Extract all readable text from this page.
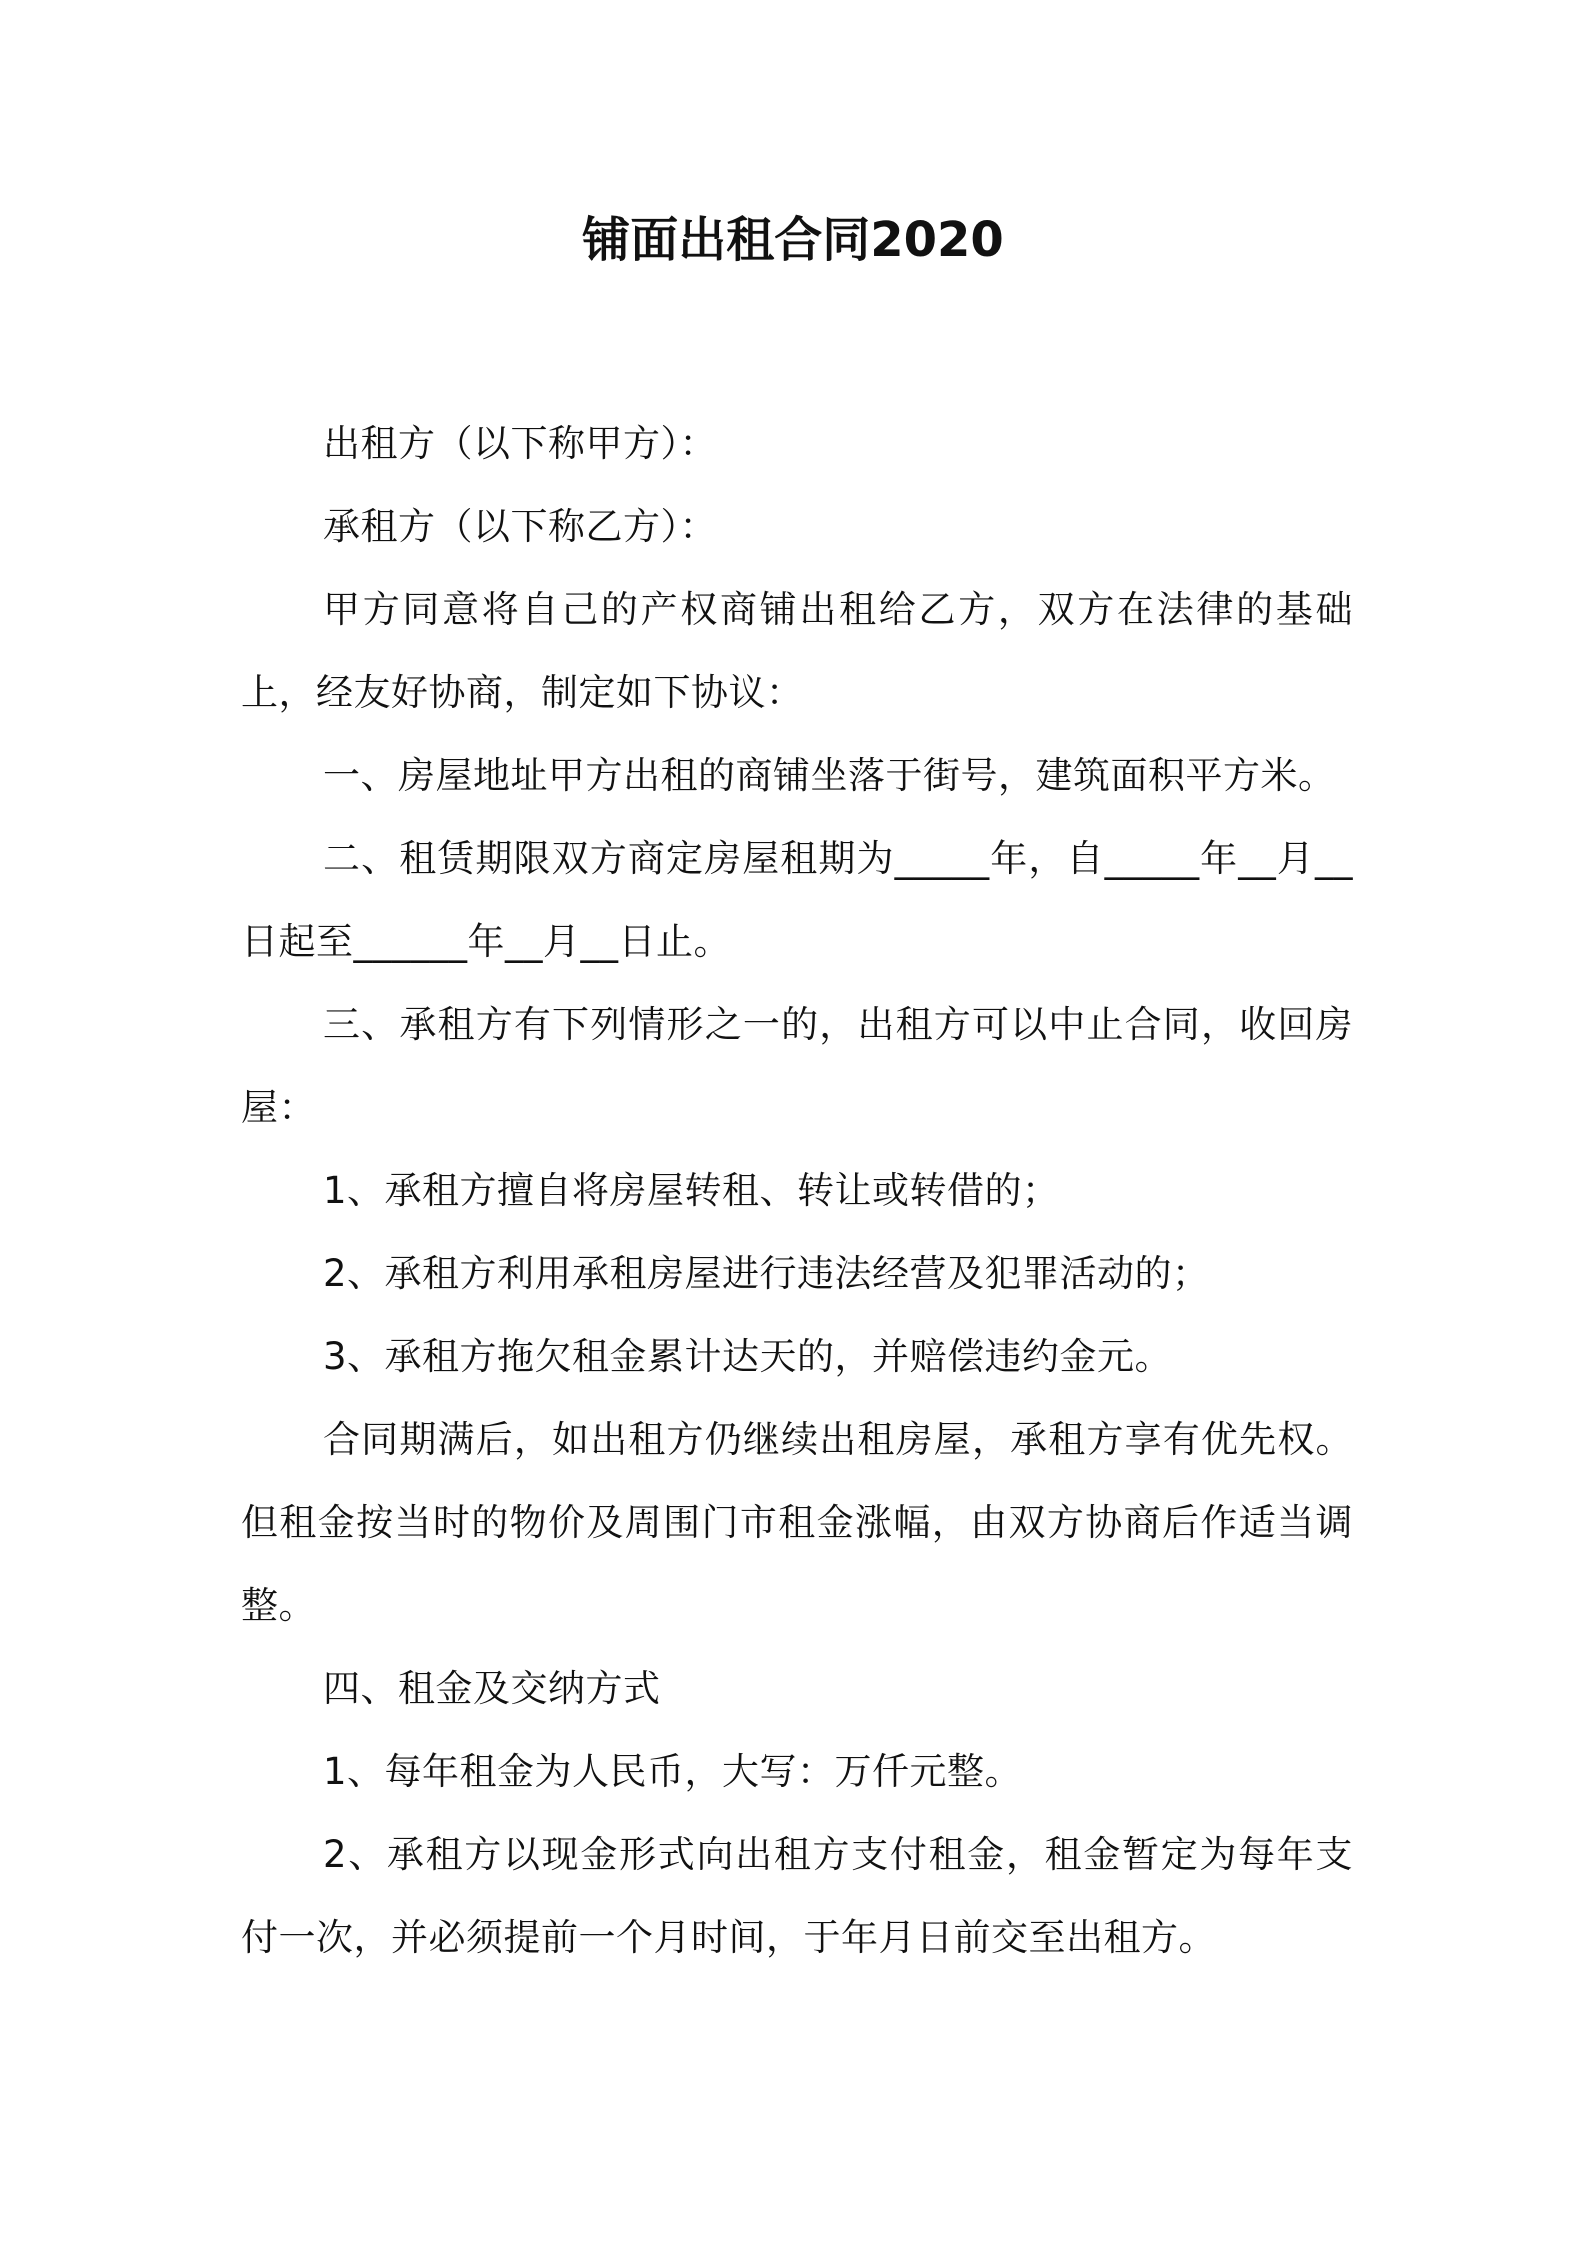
铺面出租合同2020

出租方（以下称甲方）：

承租方（以下称乙方）：

甲方同意将自己的产权商铺出租给乙方，双方在法律的基础上，经友好协商，制定如下协议：

一、房屋地址甲方出租的商铺坐落于街号，建筑面积平方米。

二、租赁期限双方商定房屋租期为_____年，自_____年__月__日起至______年__月__日止。

三、承租方有下列情形之一的，出租方可以中止合同，收回房屋：

1、承租方擅自将房屋转租、转让或转借的；

2、承租方利用承租房屋进行违法经营及犯罪活动的；

3、承租方拖欠租金累计达天的，并赔偿违约金元。

合同期满后，如出租方仍继续出租房屋，承租方享有优先权。但租金按当时的物价及周围门市租金涨幅，由双方协商后作适当调整。

四、租金及交纳方式

1、每年租金为人民币，大写：万仟元整。

2、承租方以现金形式向出租方支付租金，租金暂定为每年支付一次，并必须提前一个月时间，于年月日前交至出租方。
